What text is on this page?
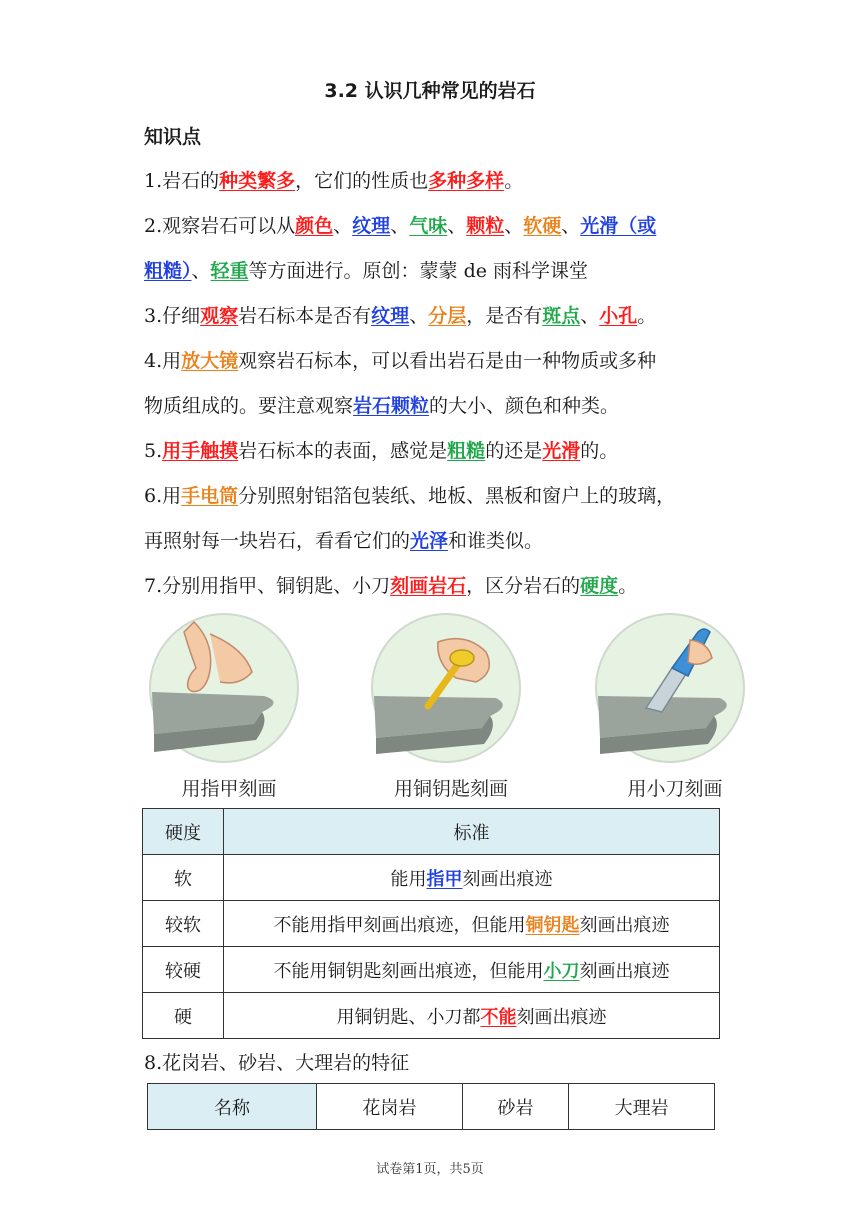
3.2 认识几种常见的岩石
知识点
1.岩石的种类繁多，它们的性质也多种多样。
2.观察岩石可以从颜色、纹理、气味、颗粒、软硬、光滑（或
粗糙）、轻重等方面进行。原创：蒙蒙 de 雨科学课堂
3.仔细观察岩石标本是否有纹理、分层，是否有斑点、小孔。
4.用放大镜观察岩石标本，可以看出岩石是由一种物质或多种
物质组成的。要注意观察岩石颗粒的大小、颜色和种类。
5.用手触摸岩石标本的表面，感觉是粗糙的还是光滑的。
6.用手电筒分别照射铝箔包装纸、地板、黑板和窗户上的玻璃，
再照射每一块岩石，看看它们的光泽和谁类似。
7.分别用指甲、铜钥匙、小刀刻画岩石，区分岩石的硬度。
用指甲刻画	用铜钥匙刻画	用小刀刻画
硬度	标准
软	能用指甲刻画出痕迹
较软	不能用指甲刻画出痕迹，但能用铜钥匙刻画出痕迹
较硬	不能用铜钥匙刻画出痕迹，但能用小刀刻画出痕迹
硬	用铜钥匙、小刀都不能刻画出痕迹
8.花岗岩、砂岩、大理岩的特征
名称	花岗岩	砂岩	大理岩
试卷第1页，共5页
